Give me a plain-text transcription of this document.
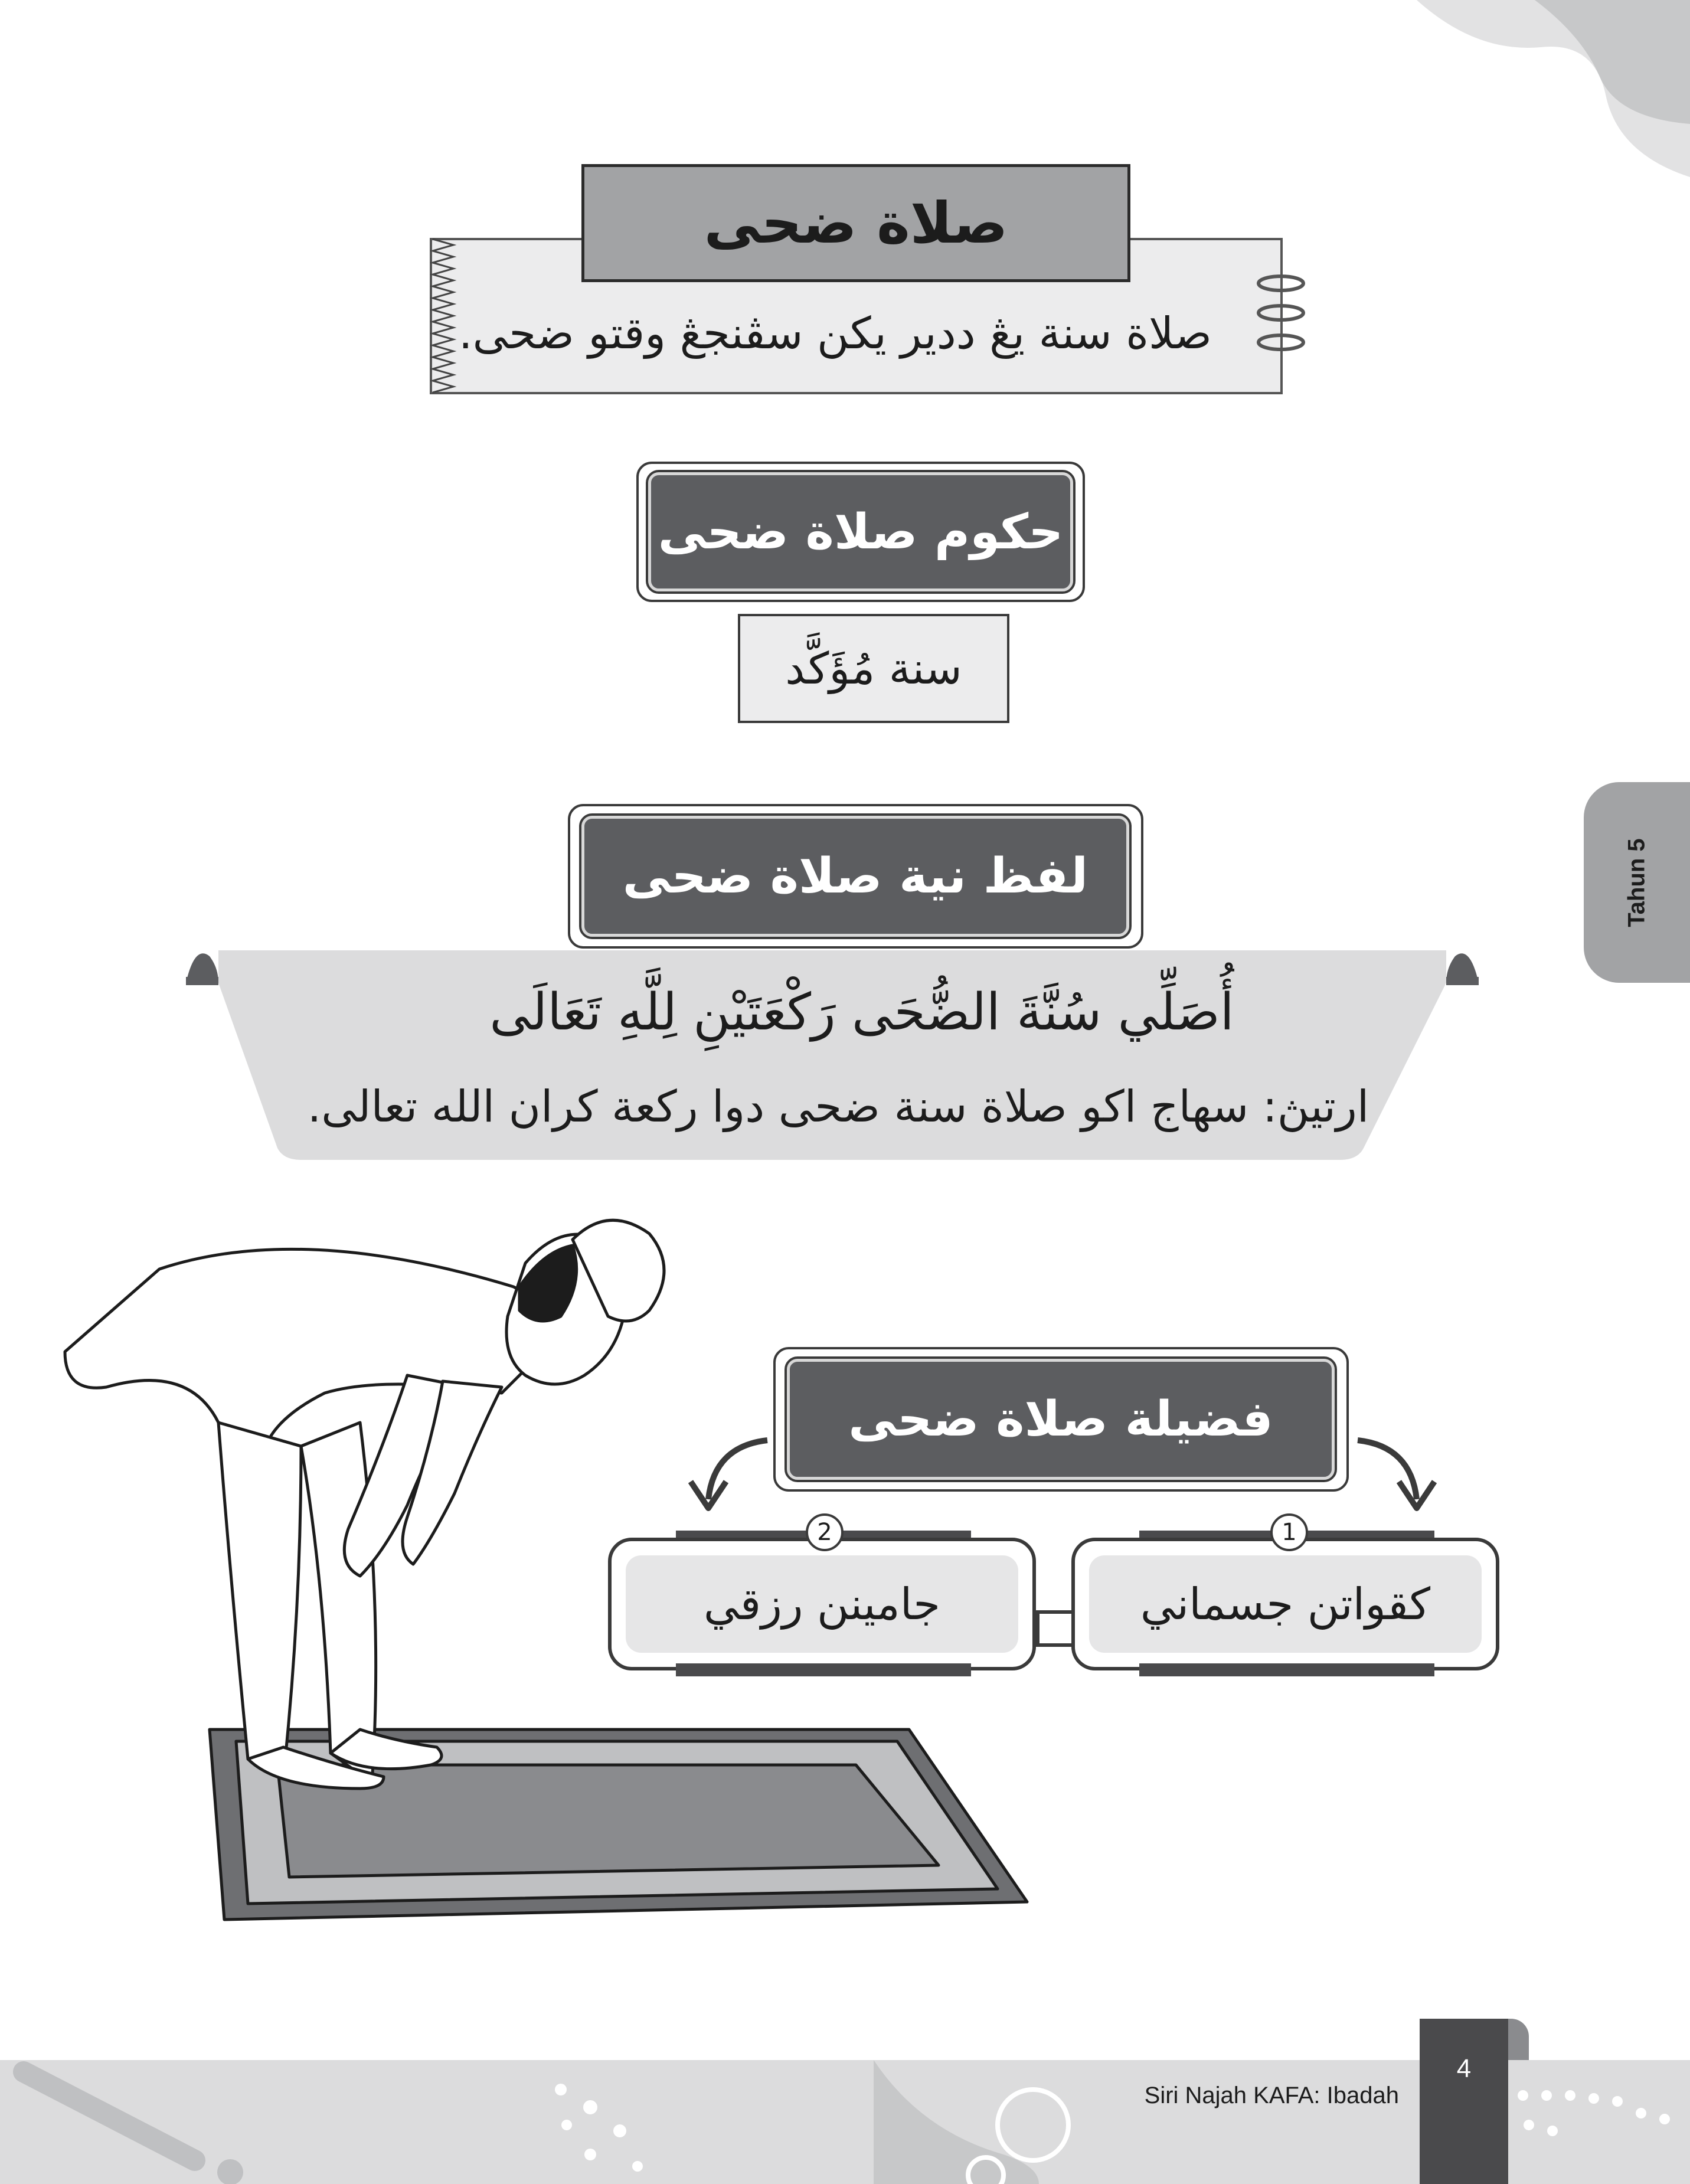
صلاة ضحى
صلاة سنة يڠ ددير يكن سڤنجڠ وقتو ضحى.
حكوم صلاة ضحى
سنة مُؤَكَّد
لفظ نية صلاة ضحى
أُصَلِّي سُنَّةَ الضُّحَى رَكْعَتَيْنِ لِلَّهِ تَعَالَى
ارتيڽ: سهاج اكو صلاة سنة ضحى دوا ركعة كران الله تعالى.
فضيلة صلاة ضحى
كقواتن جسماني
1
جامينن رزقي
2
Tahun 5
4
Siri Najah KAFA: Ibadah
